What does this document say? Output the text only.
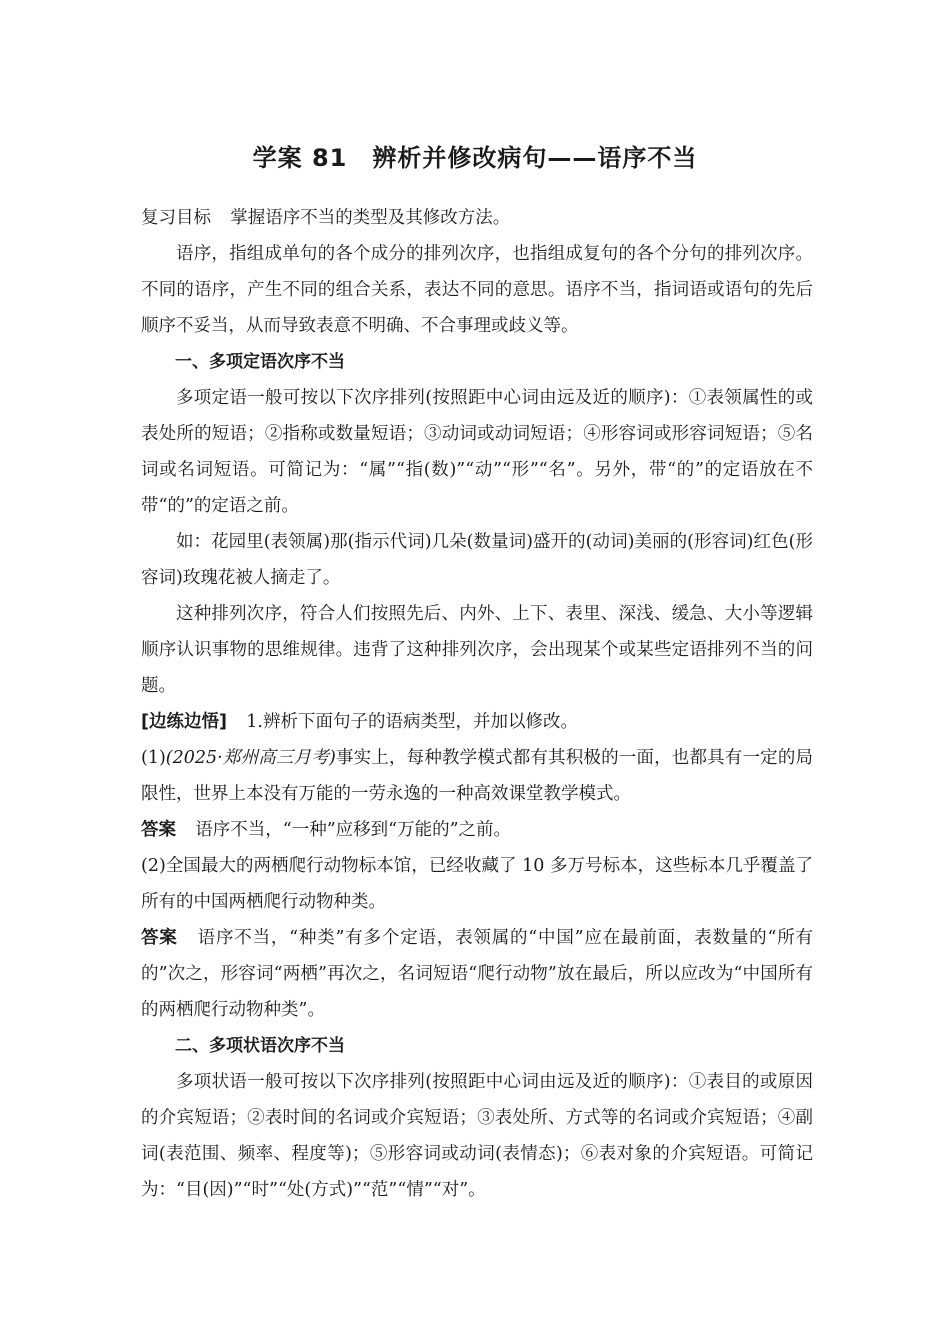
学案 81　辨析并修改病句——语序不当

复习目标 掌握语序不当的类型及其修改方法。

语序，指组成单句的各个成分的排列次序，也指组成复句的各个分句的排列次序。不同的语序，产生不同的组合关系，表达不同的意思。语序不当，指词语或语句的先后顺序不妥当，从而导致表意不明确、不合事理或歧义等。

一、多项定语次序不当

多项定语一般可按以下次序排列(按照距中心词由远及近的顺序)：①表领属性的或表处所的短语；②指称或数量短语；③动词或动词短语；④形容词或形容词短语；⑤名词或名词短语。可简记为：“属”“指(数)”“动”“形”“名”。另外，带“的”的定语放在不带“的”的定语之前。

如：花园里(表领属)那(指示代词)几朵(数量词)盛开的(动词)美丽的(形容词)红色(形容词)玫瑰花被人摘走了。

这种排列次序，符合人们按照先后、内外、上下、表里、深浅、缓急、大小等逻辑顺序认识事物的思维规律。违背了这种排列次序，会出现某个或某些定语排列不当的问题。

[边练边悟] 1.辨析下面句子的语病类型，并加以修改。

(1)(2025·郑州高三月考)事实上，每种教学模式都有其积极的一面，也都具有一定的局限性，世界上本没有万能的一劳永逸的一种高效课堂教学模式。

答案 语序不当，“一种”应移到“万能的”之前。

(2)全国最大的两栖爬行动物标本馆，已经收藏了 10 多万号标本，这些标本几乎覆盖了所有的中国两栖爬行动物种类。

答案 语序不当，“种类”有多个定语，表领属的“中国”应在最前面，表数量的“所有的”次之，形容词“两栖”再次之，名词短语“爬行动物”放在最后，所以应改为“中国所有的两栖爬行动物种类”。

二、多项状语次序不当

多项状语一般可按以下次序排列(按照距中心词由远及近的顺序)：①表目的或原因的介宾短语；②表时间的名词或介宾短语；③表处所、方式等的名词或介宾短语；④副词(表范围、频率、程度等)；⑤形容词或动词(表情态)；⑥表对象的介宾短语。可简记为：“目(因)”“时”“处(方式)”“范”“情”“对”。
